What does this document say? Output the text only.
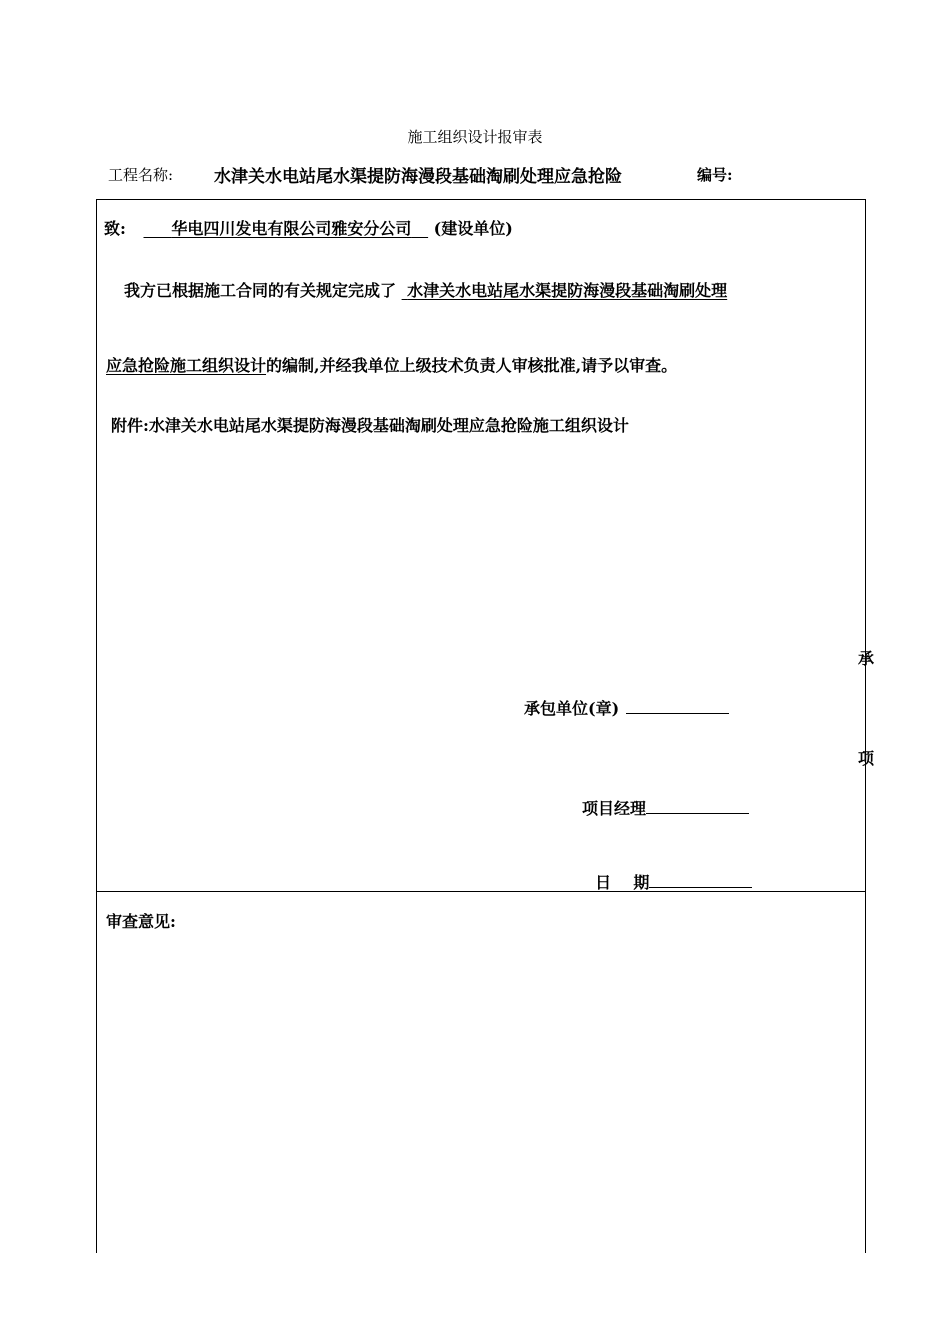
施工组织设计报审表
工程名称: 水津关水电站尾水渠提防海漫段基础淘刷处理应急抢险	编号:
致:	华电四川发电有限公司雅安分公司 (建设单位)
我方已根据施工合同的有关规定完成了 水津关水电站尾水渠提防海漫段基础淘刷处理
应急抢险施工组织设计的编制,并经我单位上级技术负责人审核批准,请予以审查。
附件:水津关水电站尾水渠提防海漫段基础淘刷处理应急抢险施工组织设计
承
项
承包单位(章)
项目经理

日    期

审查意见:
